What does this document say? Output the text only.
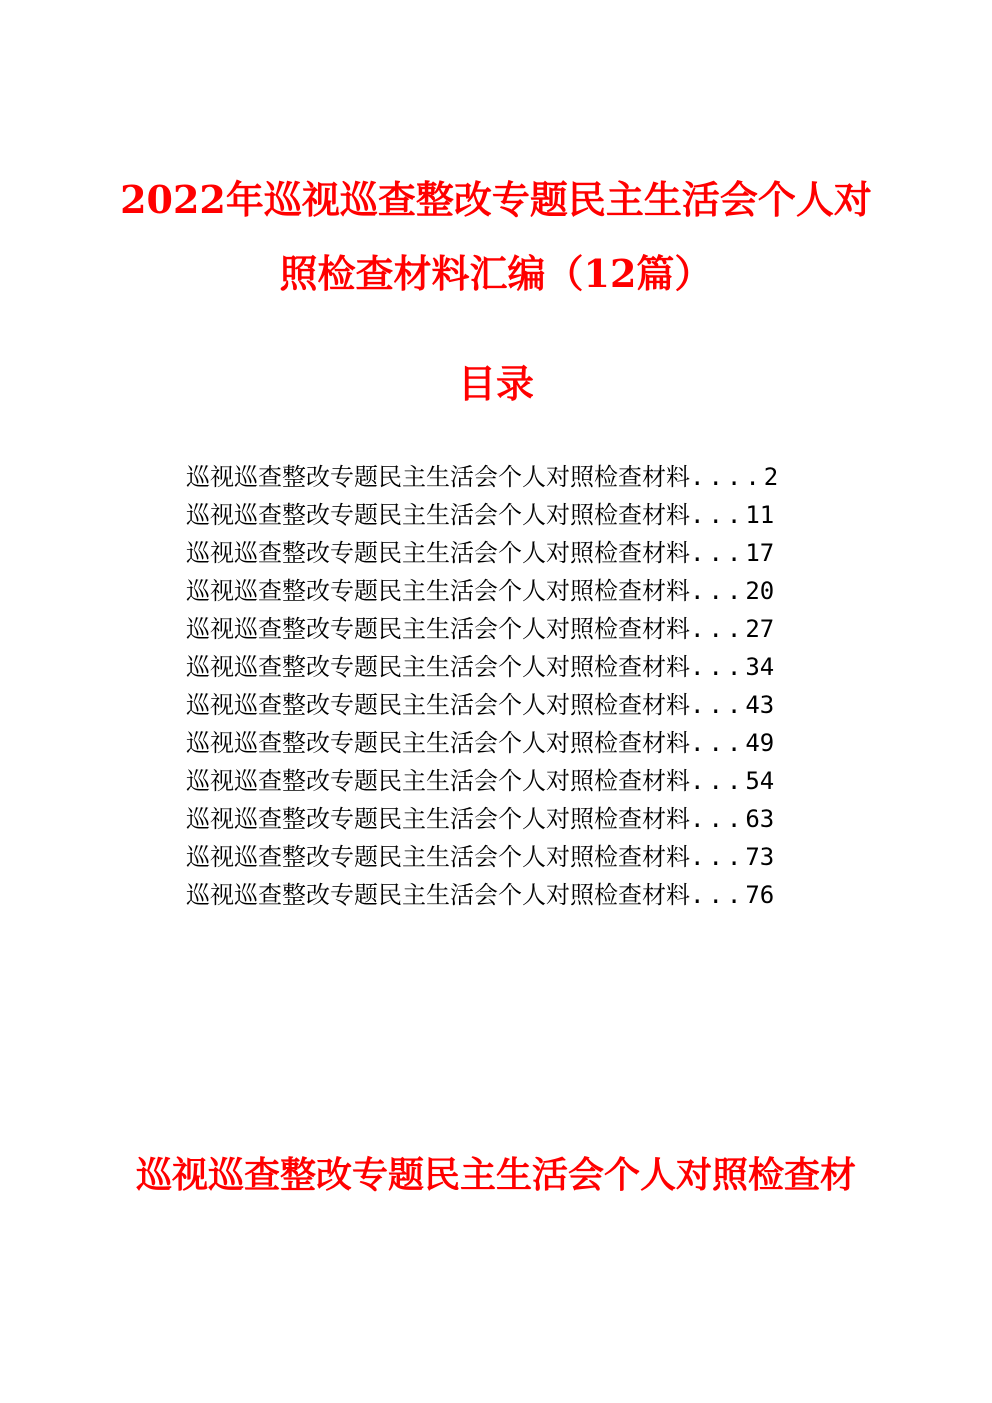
2022年巡视巡查整改专题民主生活会个人对
照检查材料汇编（12篇）
目录
巡视巡查整改专题民主生活会个人对照检查材料 .... 2
巡视巡查整改专题民主生活会个人对照检查材料 ... 11
巡视巡查整改专题民主生活会个人对照检查材料 ... 17
巡视巡查整改专题民主生活会个人对照检查材料 ... 20
巡视巡查整改专题民主生活会个人对照检查材料 ... 27
巡视巡查整改专题民主生活会个人对照检查材料 ... 34
巡视巡查整改专题民主生活会个人对照检查材料 ... 43
巡视巡查整改专题民主生活会个人对照检查材料 ... 49
巡视巡查整改专题民主生活会个人对照检查材料 ... 54
巡视巡查整改专题民主生活会个人对照检查材料 ... 63
巡视巡查整改专题民主生活会个人对照检查材料 ... 73
巡视巡查整改专题民主生活会个人对照检查材料 ... 76
巡视巡查整改专题民主生活会个人对照检查材
